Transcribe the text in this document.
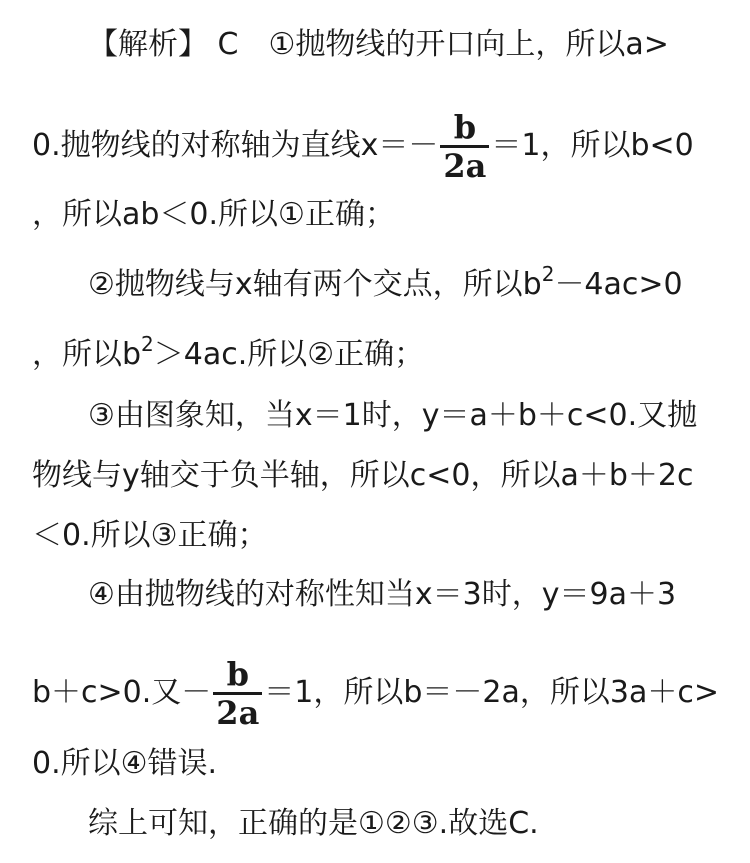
【解析】 C　①抛物线的开口向上，所以a>
0.抛物线的对称轴为直线$x=- \frac{b}{2a} =1$，所以b<0
，所以ab＜0.所以①正确；
②抛物线与x轴有两个交点，所以$b^2-4ac>0$
，所以$b^2>4ac$.所以②正确；
③由图象知，当x＝1时，y＝a＋b＋c<0.又抛
物线与y轴交于负半轴，所以c<0，所以a＋b＋2c
＜0.所以③正确；
④由抛物线的对称性知当x＝3时，y＝9a＋3
b＋c>0.又－ $\frac{b}{2a} =1$，所以b＝－2a，所以3a＋c>
0.所以④错误.
综上可知，正确的是①②③.故选C.
